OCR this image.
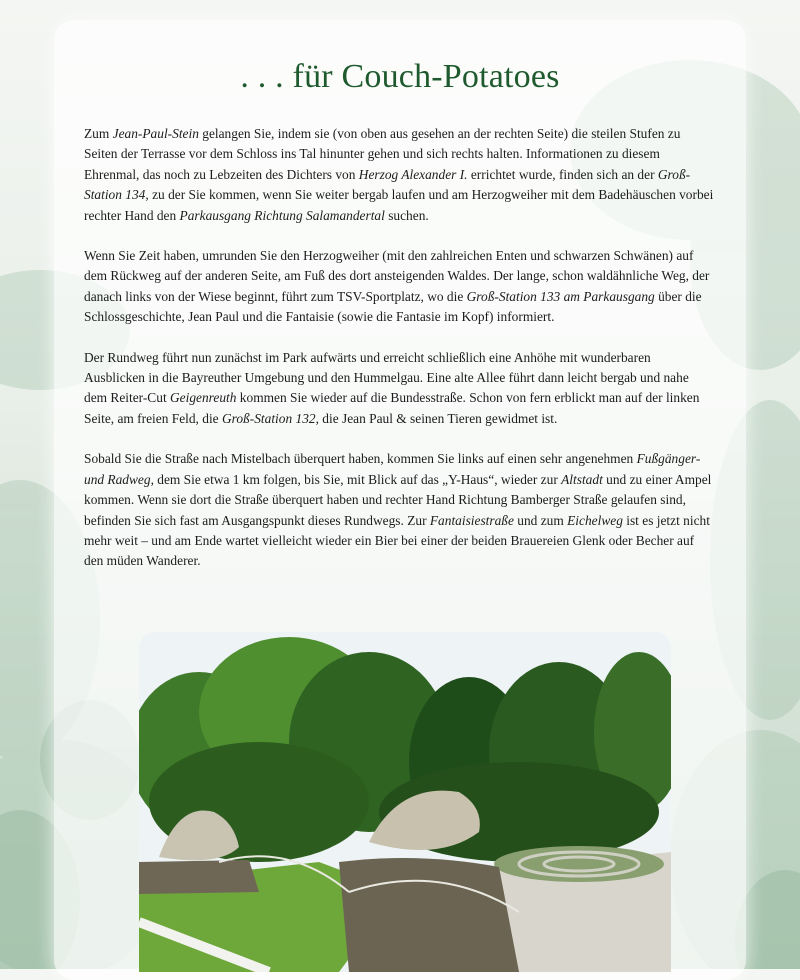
. . . für Couch-Potatoes

Zum Jean-Paul-Stein gelangen Sie, indem sie (von oben aus gesehen an der rechten Seite) die steilen Stufen zu Seiten der Terrasse vor dem Schloss ins Tal hinunter gehen und sich rechts halten. Informationen zu diesem Ehrenmal, das noch zu Lebzeiten des Dichters von Herzog Alexander I. errichtet wurde, finden sich an der Groß-Station 134, zu der Sie kommen, wenn Sie weiter bergab laufen und am Herzogweiher mit dem Badehäuschen vorbei rechter Hand den Parkausgang Richtung Salamandertal suchen.

Wenn Sie Zeit haben, umrunden Sie den Herzogweiher (mit den zahlreichen Enten und schwarzen Schwänen) auf dem Rückweg auf der anderen Seite, am Fuß des dort ansteigenden Waldes. Der lange, schon waldähnliche Weg, der danach links von der Wiese beginnt, führt zum TSV-Sportplatz, wo die Groß-Station 133 am Parkausgang über die Schlossgeschichte, Jean Paul und die Fantaisie (sowie die Fantasie im Kopf) informiert.

Der Rundweg führt nun zunächst im Park aufwärts und erreicht schließlich eine Anhöhe mit wunderbaren Ausblicken in die Bayreuther Umgebung und den Hummelgau. Eine alte Allee führt dann leicht bergab und nahe dem Reiter-Cut Geigenreuth kommen Sie wieder auf die Bundesstraße. Schon von fern erblickt man auf der linken Seite, am freien Feld, die Groß-Station 132, die Jean Paul & seinen Tieren gewidmet ist.

Sobald Sie die Straße nach Mistelbach überquert haben, kommen Sie links auf einen sehr angenehmen Fußgänger- und Radweg, dem Sie etwa 1 km folgen, bis Sie, mit Blick auf das „Y-Haus“, wieder zur Altstadt und zu einer Ampel kommen. Wenn sie dort die Straße überquert haben und rechter Hand Richtung Bamberger Straße gelaufen sind, befinden Sie sich fast am Ausgangspunkt dieses Rundwegs. Zur Fantaisiestraße und zum Eichelweg ist es jetzt nicht mehr weit – und am Ende wartet vielleicht wieder ein Bier bei einer der beiden Brauereien Glenk oder Becher auf den müden Wanderer.
